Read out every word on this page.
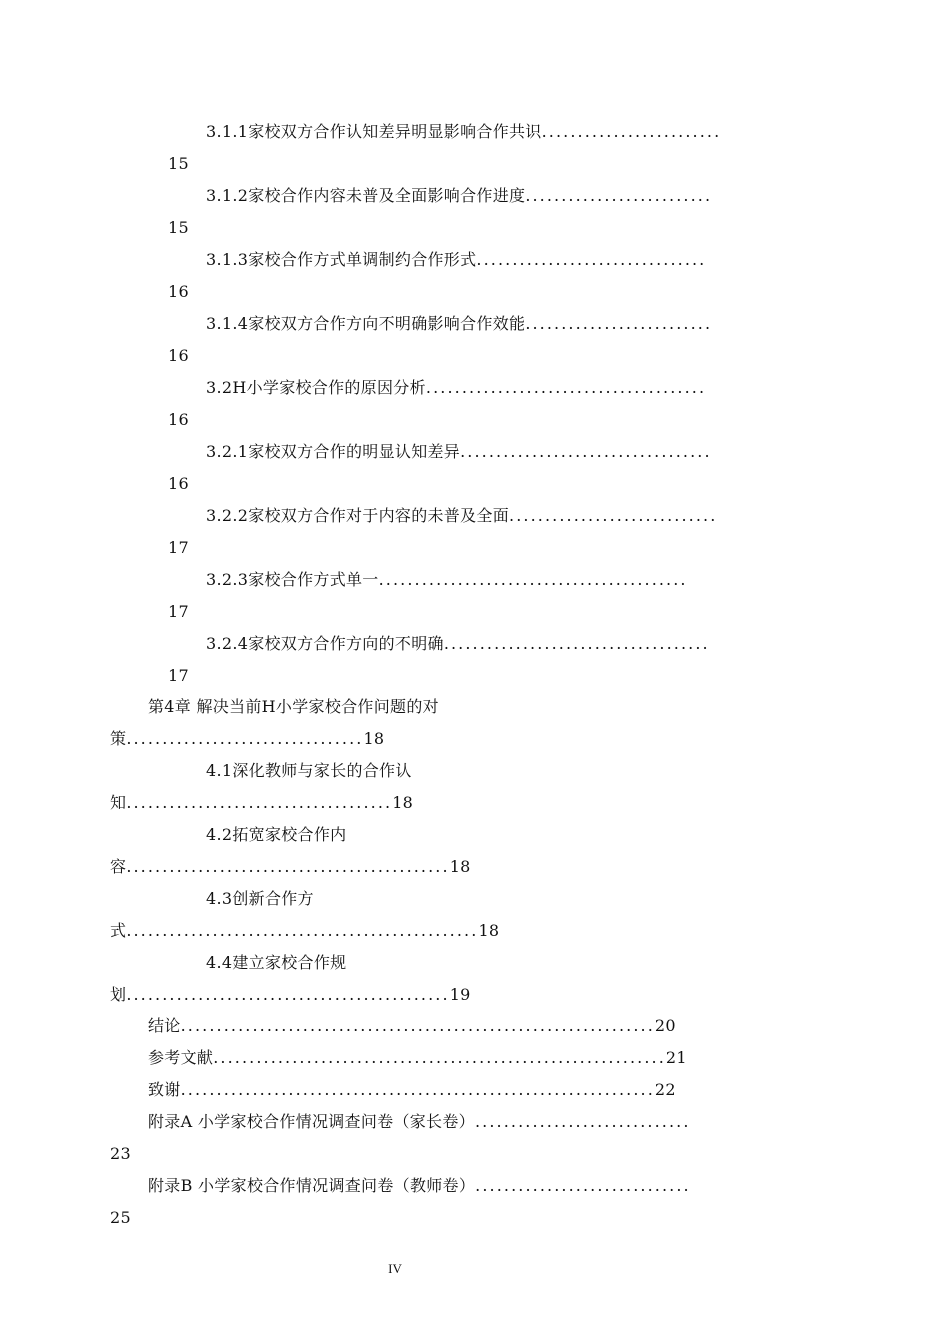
3.1.1家校双方合作认知差异明显影响合作共识.........................
15
3.1.2家校合作内容未普及全面影响合作进度..........................
15
3.1.3家校合作方式单调制约合作形式................................
16
3.1.4家校双方合作方向不明确影响合作效能..........................
16
3.2H小学家校合作的原因分析.......................................
16
3.2.1家校双方合作的明显认知差异...................................
16
3.2.2家校双方合作对于内容的未普及全面.............................
17
3.2.3家校合作方式单一...........................................
17
3.2.4家校双方合作方向的不明确.....................................
17
第4章 解决当前H小学家校合作问题的对
策.................................18
4.1深化教师与家长的合作认
知.....................................18
4.2拓宽家校合作内
容.............................................18
4.3创新合作方
式.................................................18
4.4建立家校合作规
划.............................................19
结论..................................................................20
参考文献...............................................................21
致谢..................................................................22
附录A 小学家校合作情况调查问卷（家长卷）..............................
23
附录B 小学家校合作情况调查问卷（教师卷）..............................
25
IV
